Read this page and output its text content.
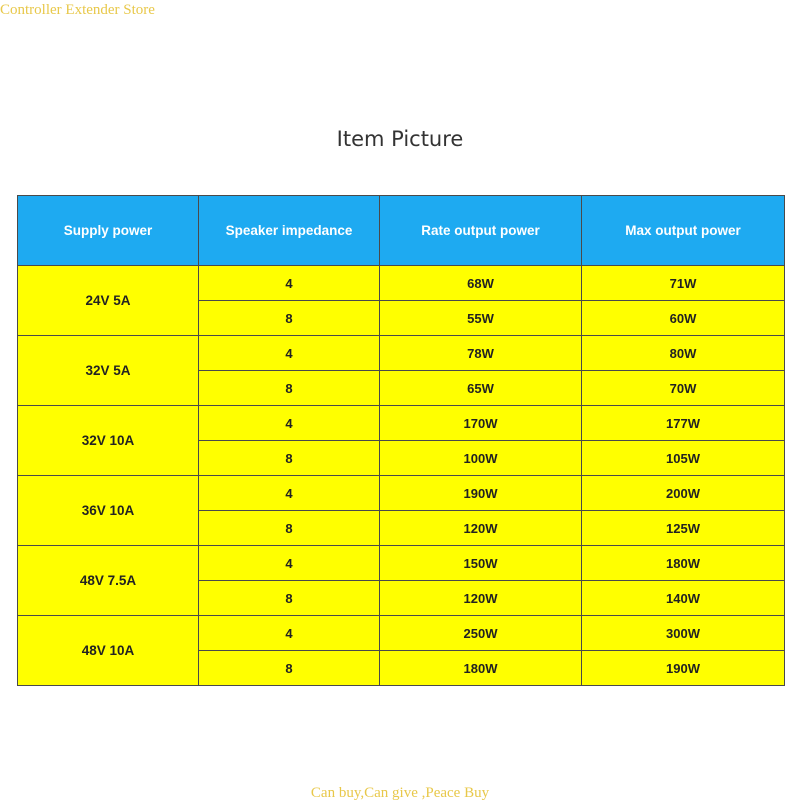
Controller Extender Store
Item Picture
Supply power	Speaker impedance	Rate output power	Max output power
24V 5A	4	68W	71W
	8	55W	60W
32V 5A	4	78W	80W
	8	65W	70W
32V 10A	4	170W	177W
	8	100W	105W
36V 10A	4	190W	200W
	8	120W	125W
48V 7.5A	4	150W	180W
	8	120W	140W
48V 10A	4	250W	300W
	8	180W	190W
Can buy,Can give ,Peace Buy
